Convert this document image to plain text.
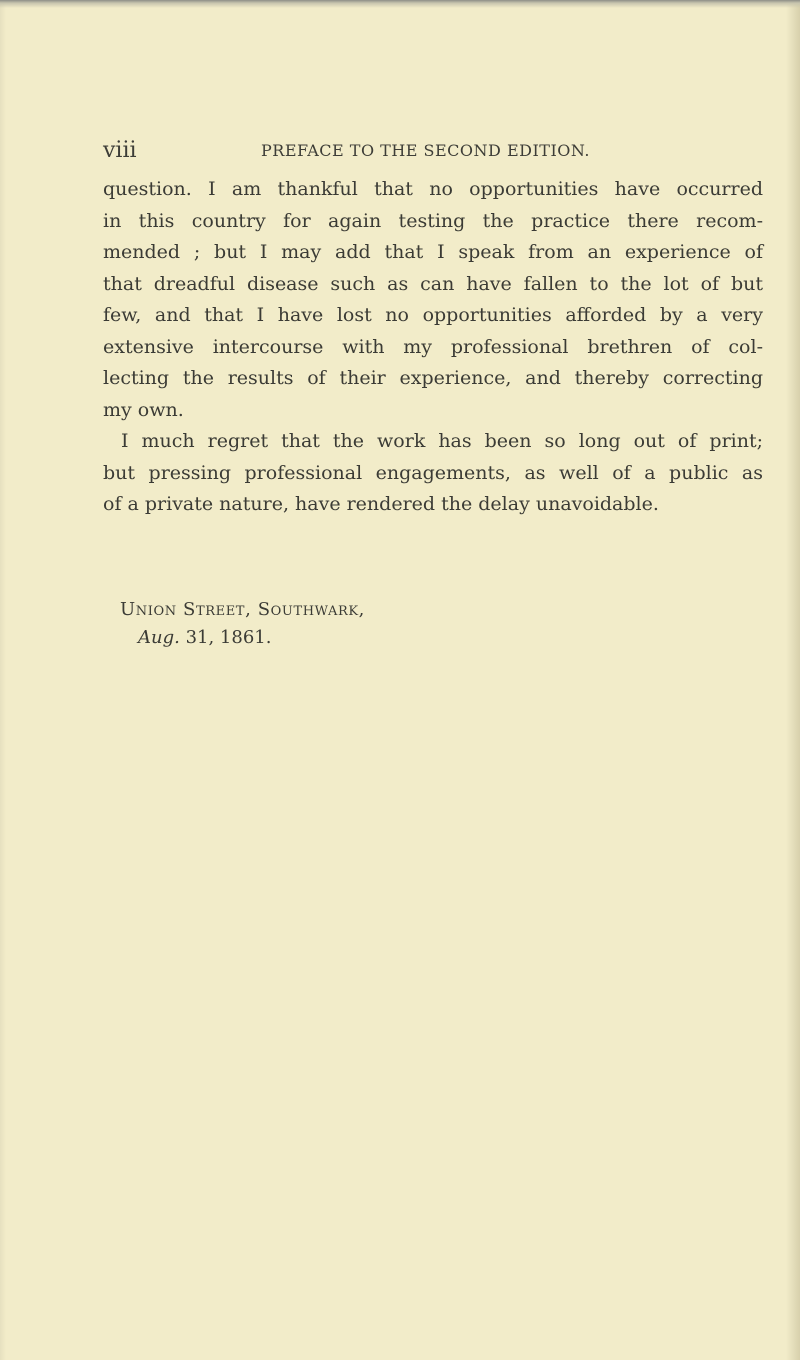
viii	PREFACE TO THE SECOND EDITION.
question. I am thankful that no opportunities have occurred
in this country for again testing the practice there recom-
mended ; but I may add that I speak from an experience of
that dreadful disease such as can have fallen to the lot of but
few, and that I have lost no opportunities afforded by a very
extensive intercourse with my professional brethren of col-
lecting the results of their experience, and thereby correcting
my own.
I much regret that the work has been so long out of print;
but pressing professional engagements, as well of a public as
of a private nature, have rendered the delay unavoidable.
Union Street, Southwark,
Aug. 31, 1861.
